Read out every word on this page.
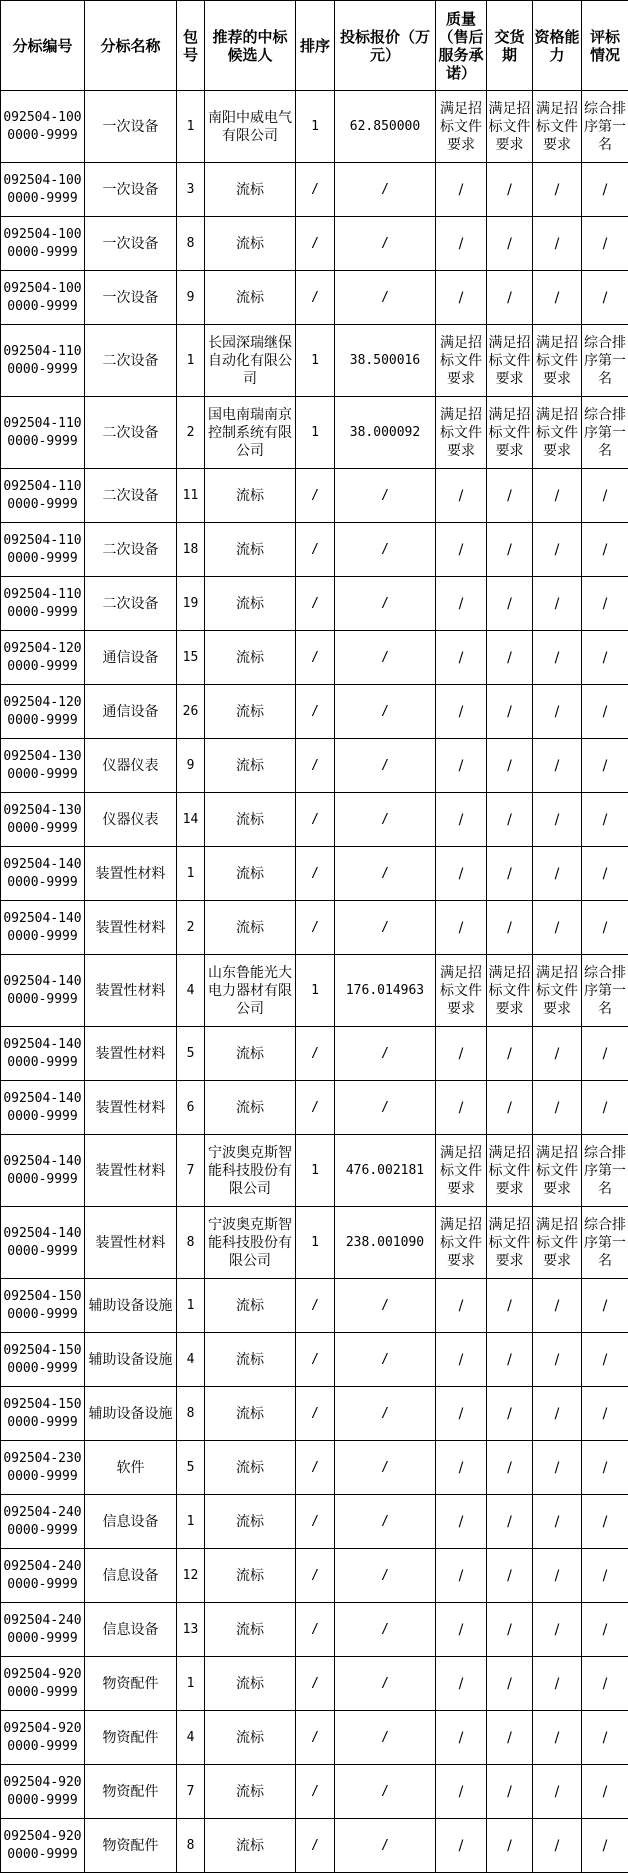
分标编号	分标名称	包号	推荐的中标候选人	排序	投标报价（万元）	质量（售后服务承诺）	交货期	资格能力	评标情况
092504-1000000-9999	一次设备	1	南阳中威电气有限公司	1	62.850000	满足招标文件要求	满足招标文件要求	满足招标文件要求	综合排序第一名
092504-1000000-9999	一次设备	3	流标	/	/	/	/	/	/
092504-1000000-9999	一次设备	8	流标	/	/	/	/	/	/
092504-1000000-9999	一次设备	9	流标	/	/	/	/	/	/
092504-1100000-9999	二次设备	1	长园深瑞继保自动化有限公司	1	38.500016	满足招标文件要求	满足招标文件要求	满足招标文件要求	综合排序第一名
092504-1100000-9999	二次设备	2	国电南瑞南京控制系统有限公司	1	38.000092	满足招标文件要求	满足招标文件要求	满足招标文件要求	综合排序第一名
092504-1100000-9999	二次设备	11	流标	/	/	/	/	/	/
092504-1100000-9999	二次设备	18	流标	/	/	/	/	/	/
092504-1100000-9999	二次设备	19	流标	/	/	/	/	/	/
092504-1200000-9999	通信设备	15	流标	/	/	/	/	/	/
092504-1200000-9999	通信设备	26	流标	/	/	/	/	/	/
092504-1300000-9999	仪器仪表	9	流标	/	/	/	/	/	/
092504-1300000-9999	仪器仪表	14	流标	/	/	/	/	/	/
092504-1400000-9999	装置性材料	1	流标	/	/	/	/	/	/
092504-1400000-9999	装置性材料	2	流标	/	/	/	/	/	/
092504-1400000-9999	装置性材料	4	山东鲁能光大电力器材有限公司	1	176.014963	满足招标文件要求	满足招标文件要求	满足招标文件要求	综合排序第一名
092504-1400000-9999	装置性材料	5	流标	/	/	/	/	/	/
092504-1400000-9999	装置性材料	6	流标	/	/	/	/	/	/
092504-1400000-9999	装置性材料	7	宁波奥克斯智能科技股份有限公司	1	476.002181	满足招标文件要求	满足招标文件要求	满足招标文件要求	综合排序第一名
092504-1400000-9999	装置性材料	8	宁波奥克斯智能科技股份有限公司	1	238.001090	满足招标文件要求	满足招标文件要求	满足招标文件要求	综合排序第一名
092504-1500000-9999	辅助设备设施	1	流标	/	/	/	/	/	/
092504-1500000-9999	辅助设备设施	4	流标	/	/	/	/	/	/
092504-1500000-9999	辅助设备设施	8	流标	/	/	/	/	/	/
092504-2300000-9999	软件	5	流标	/	/	/	/	/	/
092504-2400000-9999	信息设备	1	流标	/	/	/	/	/	/
092504-2400000-9999	信息设备	12	流标	/	/	/	/	/	/
092504-2400000-9999	信息设备	13	流标	/	/	/	/	/	/
092504-9200000-9999	物资配件	1	流标	/	/	/	/	/	/
092504-9200000-9999	物资配件	4	流标	/	/	/	/	/	/
092504-9200000-9999	物资配件	7	流标	/	/	/	/	/	/
092504-9200000-9999	物资配件	8	流标	/	/	/	/	/	/
